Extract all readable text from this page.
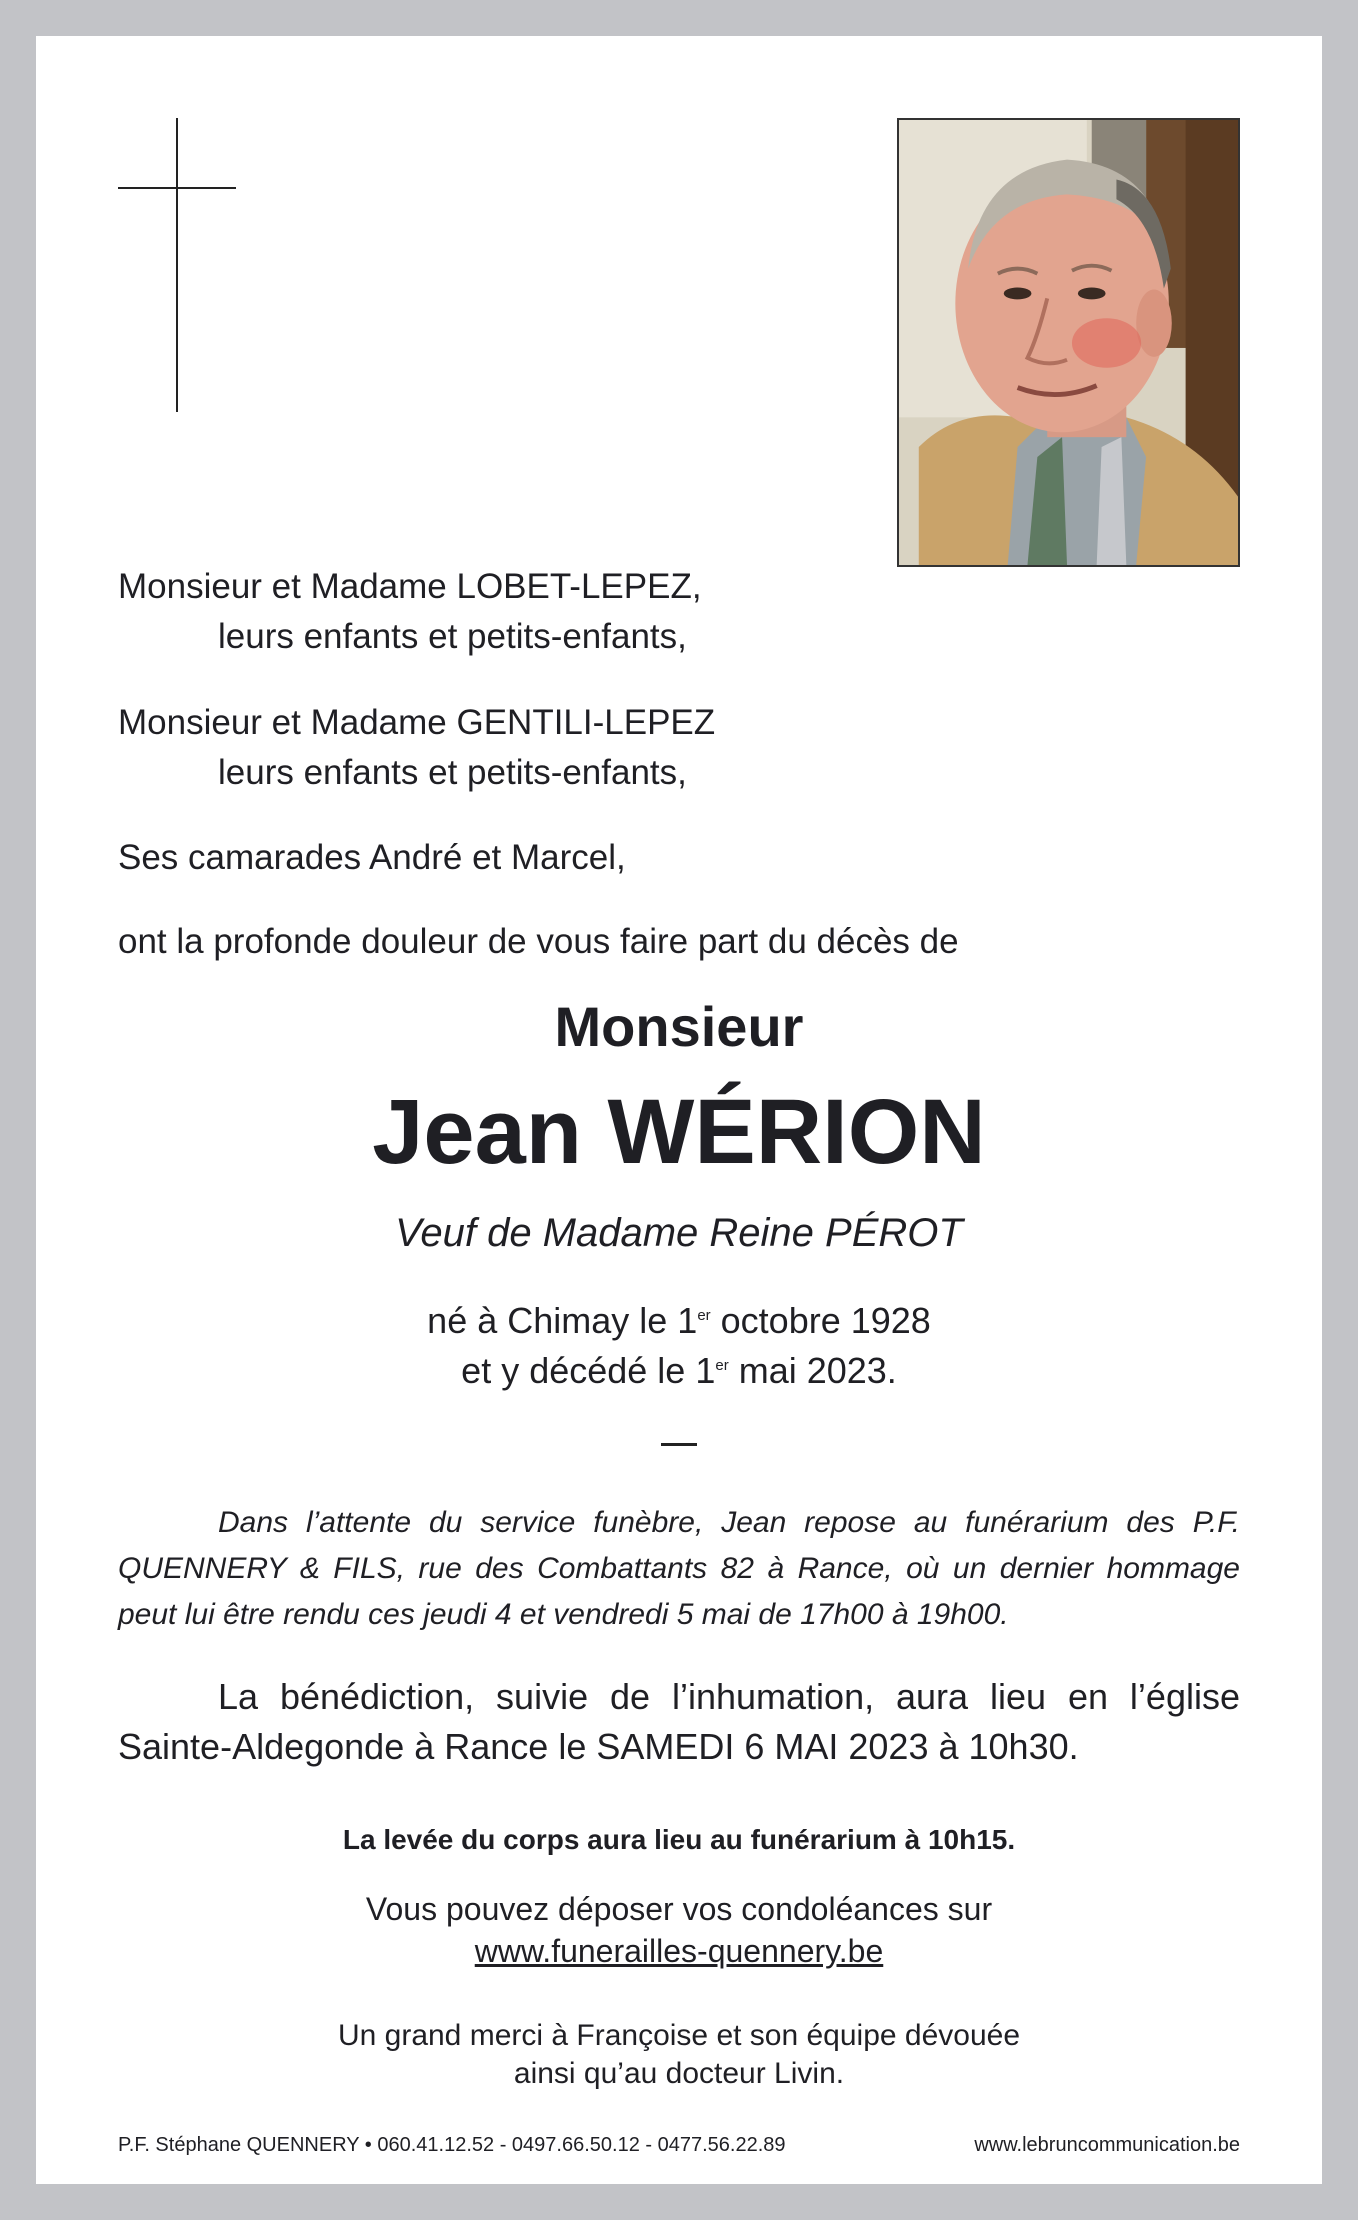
Monsieur et Madame LOBET-LEPEZ,
leurs enfants et petits-enfants,
Monsieur et Madame GENTILI-LEPEZ
leurs enfants et petits-enfants,
Ses camarades André et Marcel,
ont la profonde douleur de vous faire part du décès de
Monsieur
Jean WÉRION
Veuf de Madame Reine PÉROT
né à Chimay le 1er octobre 1928
et y décédé le 1er mai 2023.
Dans l’attente du service funèbre, Jean repose au funérarium des P.F. QUENNERY & FILS, rue des Combattants 82 à Rance, où un dernier hommage peut lui être rendu ces jeudi 4 et vendredi 5 mai de 17h00 à 19h00.
La bénédiction, suivie de l’inhumation, aura lieu en l’église Sainte-Aldegonde à Rance le SAMEDI 6 MAI 2023 à 10h30.
La levée du corps aura lieu au funérarium à 10h15.
Vous pouvez déposer vos condoléances sur
www.funerailles-quennery.be
Un grand merci à Françoise et son équipe dévouée
ainsi qu’au docteur Livin.
P.F. Stéphane QUENNERY • 060.41.12.52 - 0497.66.50.12 - 0477.56.22.89	www.lebruncommunication.be
